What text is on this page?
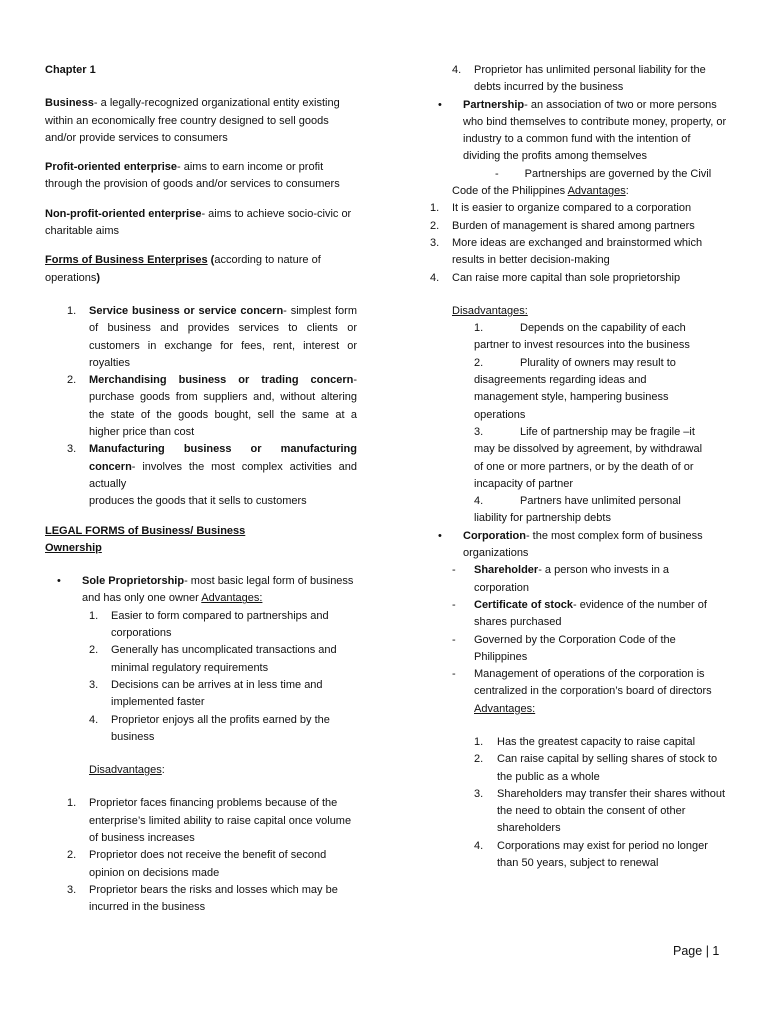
Chapter 1

Business- a legally-recognized organizational entity existing within an economically free country designed to sell goods and/or provide services to consumers

Profit-oriented enterprise- aims to earn income or profit through the provision of goods and/or services to consumers

Non-profit-oriented enterprise- aims to achieve socio-civic or charitable aims

Forms of Business Enterprises (according to nature of operations)

1.	Service business or service concern- simplest form of business and provides services to clients or customers in exchange for fees, rent, interest or royalties

2.	Merchandising business or trading concern- purchase goods from suppliers and, without altering the state of the goods bought, sell the same at a higher price than cost

3.	Manufacturing business or manufacturing concern- involves the most complex activities and actually

produces the goods that it sells to customers

LEGAL FORMS of Business/ Business
Ownership

•	Sole Proprietorship- most basic legal form of business and has only one owner Advantages:

1.	Easier to form compared to partnerships and corporations

2.	Generally has uncomplicated transactions and minimal regulatory requirements

3.	Decisions can be arrives at in less time and implemented faster

4.	Proprietor enjoys all the profits earned by the business

Disadvantages:

1.	Proprietor faces financing problems because of the enterprise’s limited ability to raise capital once volume of business increases

2.	Proprietor does not receive the benefit of second opinion on decisions made

3.	Proprietor bears the risks and losses which may be incurred in the business

4.	Proprietor has unlimited personal liability for the debts incurred by the business

•	Partnership- an association of two or more persons who bind themselves to contribute money, property, or industry to a common fund with the intention of dividing the profits among themselves

- Partnerships are governed by the Civil

Code of the Philippines Advantages:

1.	It is easier to organize compared to a corporation

2.	Burden of management is shared among partners

3.	More ideas are exchanged and brainstormed which results in better decision-making

4.	Can raise more capital than sole proprietorship

Disadvantages:

1.	Depends on the capability of each partner to invest resources into the business

2.	Plurality of owners may result to disagreements regarding ideas and management style, hampering business operations

3.	Life of partnership may be fragile –it may be dissolved by agreement, by withdrawal of one or more partners, or by the death of or incapacity of partner

4.	Partners have unlimited personal liability for partnership debts

•	Corporation- the most complex form of business organizations

-	Shareholder- a person who invests in a corporation

-	Certificate of stock- evidence of the number of shares purchased

-	Governed by the Corporation Code of the Philippines

-	Management of operations of the corporation is centralized in the corporation’s board of directors Advantages:

1.	Has the greatest capacity to raise capital

2.	Can raise capital by selling shares of stock to the public as a whole

3.	Shareholders may transfer their shares without the need to obtain the consent of other shareholders

4.	Corporations may exist for period no longer than 50 years, subject to renewal

Page | 1
